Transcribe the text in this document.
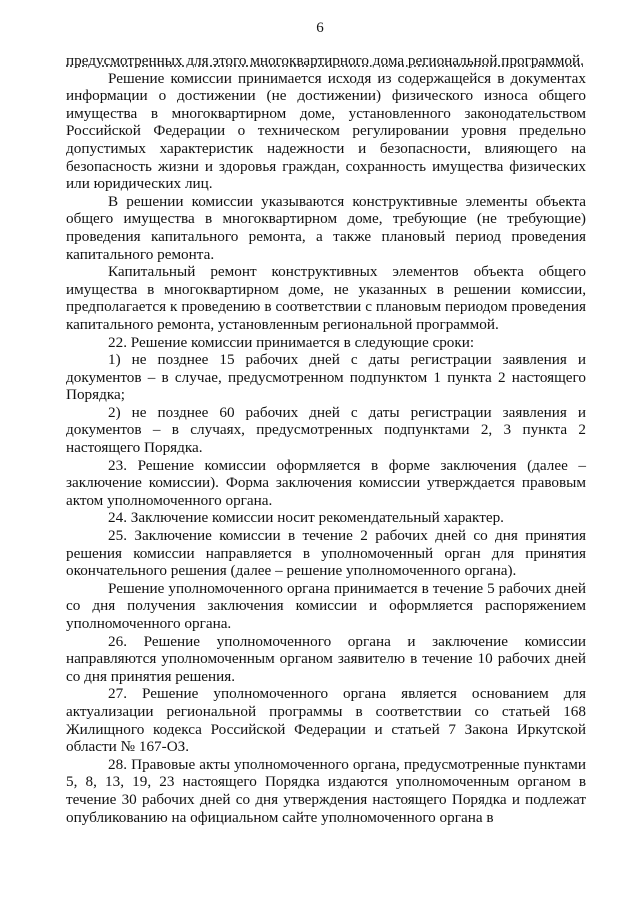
6

предусмотренных для этого многоквартирного дома региональной программой.

Решение комиссии принимается исходя из содержащейся в документах информации о достижении (не достижении) физического износа общего имущества в многоквартирном доме, установленного законодательством Российской Федерации о техническом регулировании уровня предельно допустимых характеристик надежности и безопасности, влияющего на безопасность жизни и здоровья граждан, сохранность имущества физических или юридических лиц.

В решении комиссии указываются конструктивные элементы объекта общего имущества в многоквартирном доме, требующие (не требующие) проведения капитального ремонта, а также плановый период проведения капитального ремонта.

Капитальный ремонт конструктивных элементов объекта общего имущества в многоквартирном доме, не указанных в решении комиссии, предполагается к проведению в соответствии с плановым периодом проведения капитального ремонта, установленным региональной программой.

22. Решение комиссии принимается в следующие сроки:

1) не позднее 15 рабочих дней с даты регистрации заявления и документов – в случае, предусмотренном подпунктом 1 пункта 2 настоящего Порядка;

2) не позднее 60 рабочих дней с даты регистрации заявления и документов – в случаях, предусмотренных подпунктами 2, 3 пункта 2 настоящего Порядка.

23. Решение комиссии оформляется в форме заключения (далее – заключение комиссии). Форма заключения комиссии утверждается правовым актом уполномоченного органа.

24. Заключение комиссии носит рекомендательный характер.

25. Заключение комиссии в течение 2 рабочих дней со дня принятия решения комиссии направляется в уполномоченный орган для принятия окончательного решения (далее – решение уполномоченного органа).

Решение уполномоченного органа принимается в течение 5 рабочих дней со дня получения заключения комиссии и оформляется распоряжением уполномоченного органа.

26. Решение уполномоченного органа и заключение комиссии направляются уполномоченным органом заявителю в течение 10 рабочих дней со дня принятия решения.

27. Решение уполномоченного органа является основанием для актуализации региональной программы в соответствии со статьей 168 Жилищного кодекса Российской Федерации и статьей 7 Закона Иркутской области № 167-ОЗ.

28. Правовые акты уполномоченного органа, предусмотренные пунктами 5, 8, 13, 19, 23 настоящего Порядка издаются уполномоченным органом в течение 30 рабочих дней со дня утверждения настоящего Порядка и подлежат опубликованию на официальном сайте уполномоченного органа в
